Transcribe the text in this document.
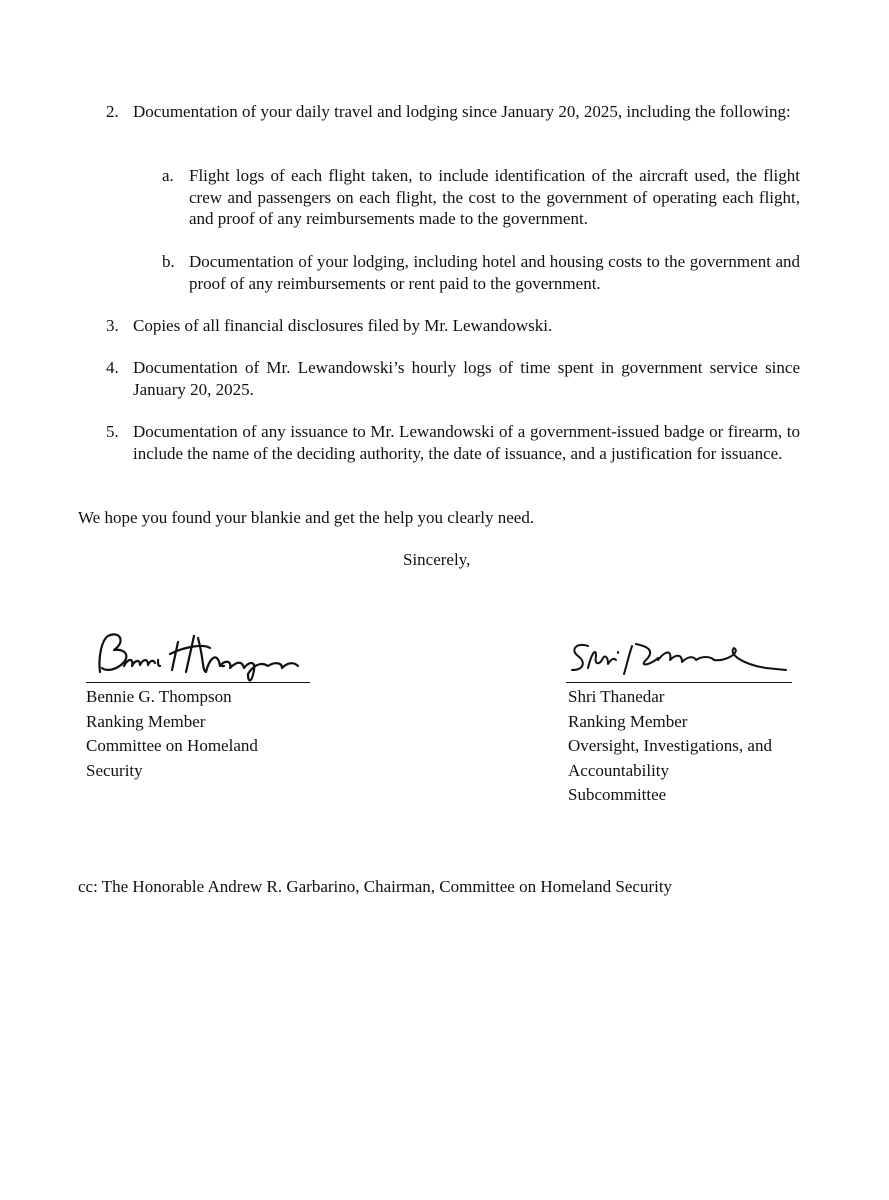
2. Documentation of your daily travel and lodging since January 20, 2025, including the following:
a. Flight logs of each flight taken, to include identification of the aircraft used, the flight crew and passengers on each flight, the cost to the government of operating each flight, and proof of any reimbursements made to the government.
b. Documentation of your lodging, including hotel and housing costs to the government and proof of any reimbursements or rent paid to the government.
3. Copies of all financial disclosures filed by Mr. Lewandowski.
4. Documentation of Mr. Lewandowski’s hourly logs of time spent in government service since January 20, 2025.
5. Documentation of any issuance to Mr. Lewandowski of a government-issued badge or firearm, to include the name of the deciding authority, the date of issuance, and a justification for issuance.
We hope you found your blankie and get the help you clearly need.
Sincerely,
Bennie G. Thompson
Ranking Member
Committee on Homeland
Security
Shri Thanedar
Ranking Member
Oversight, Investigations, and
Accountability
Subcommittee
cc: The Honorable Andrew R. Garbarino, Chairman, Committee on Homeland Security
